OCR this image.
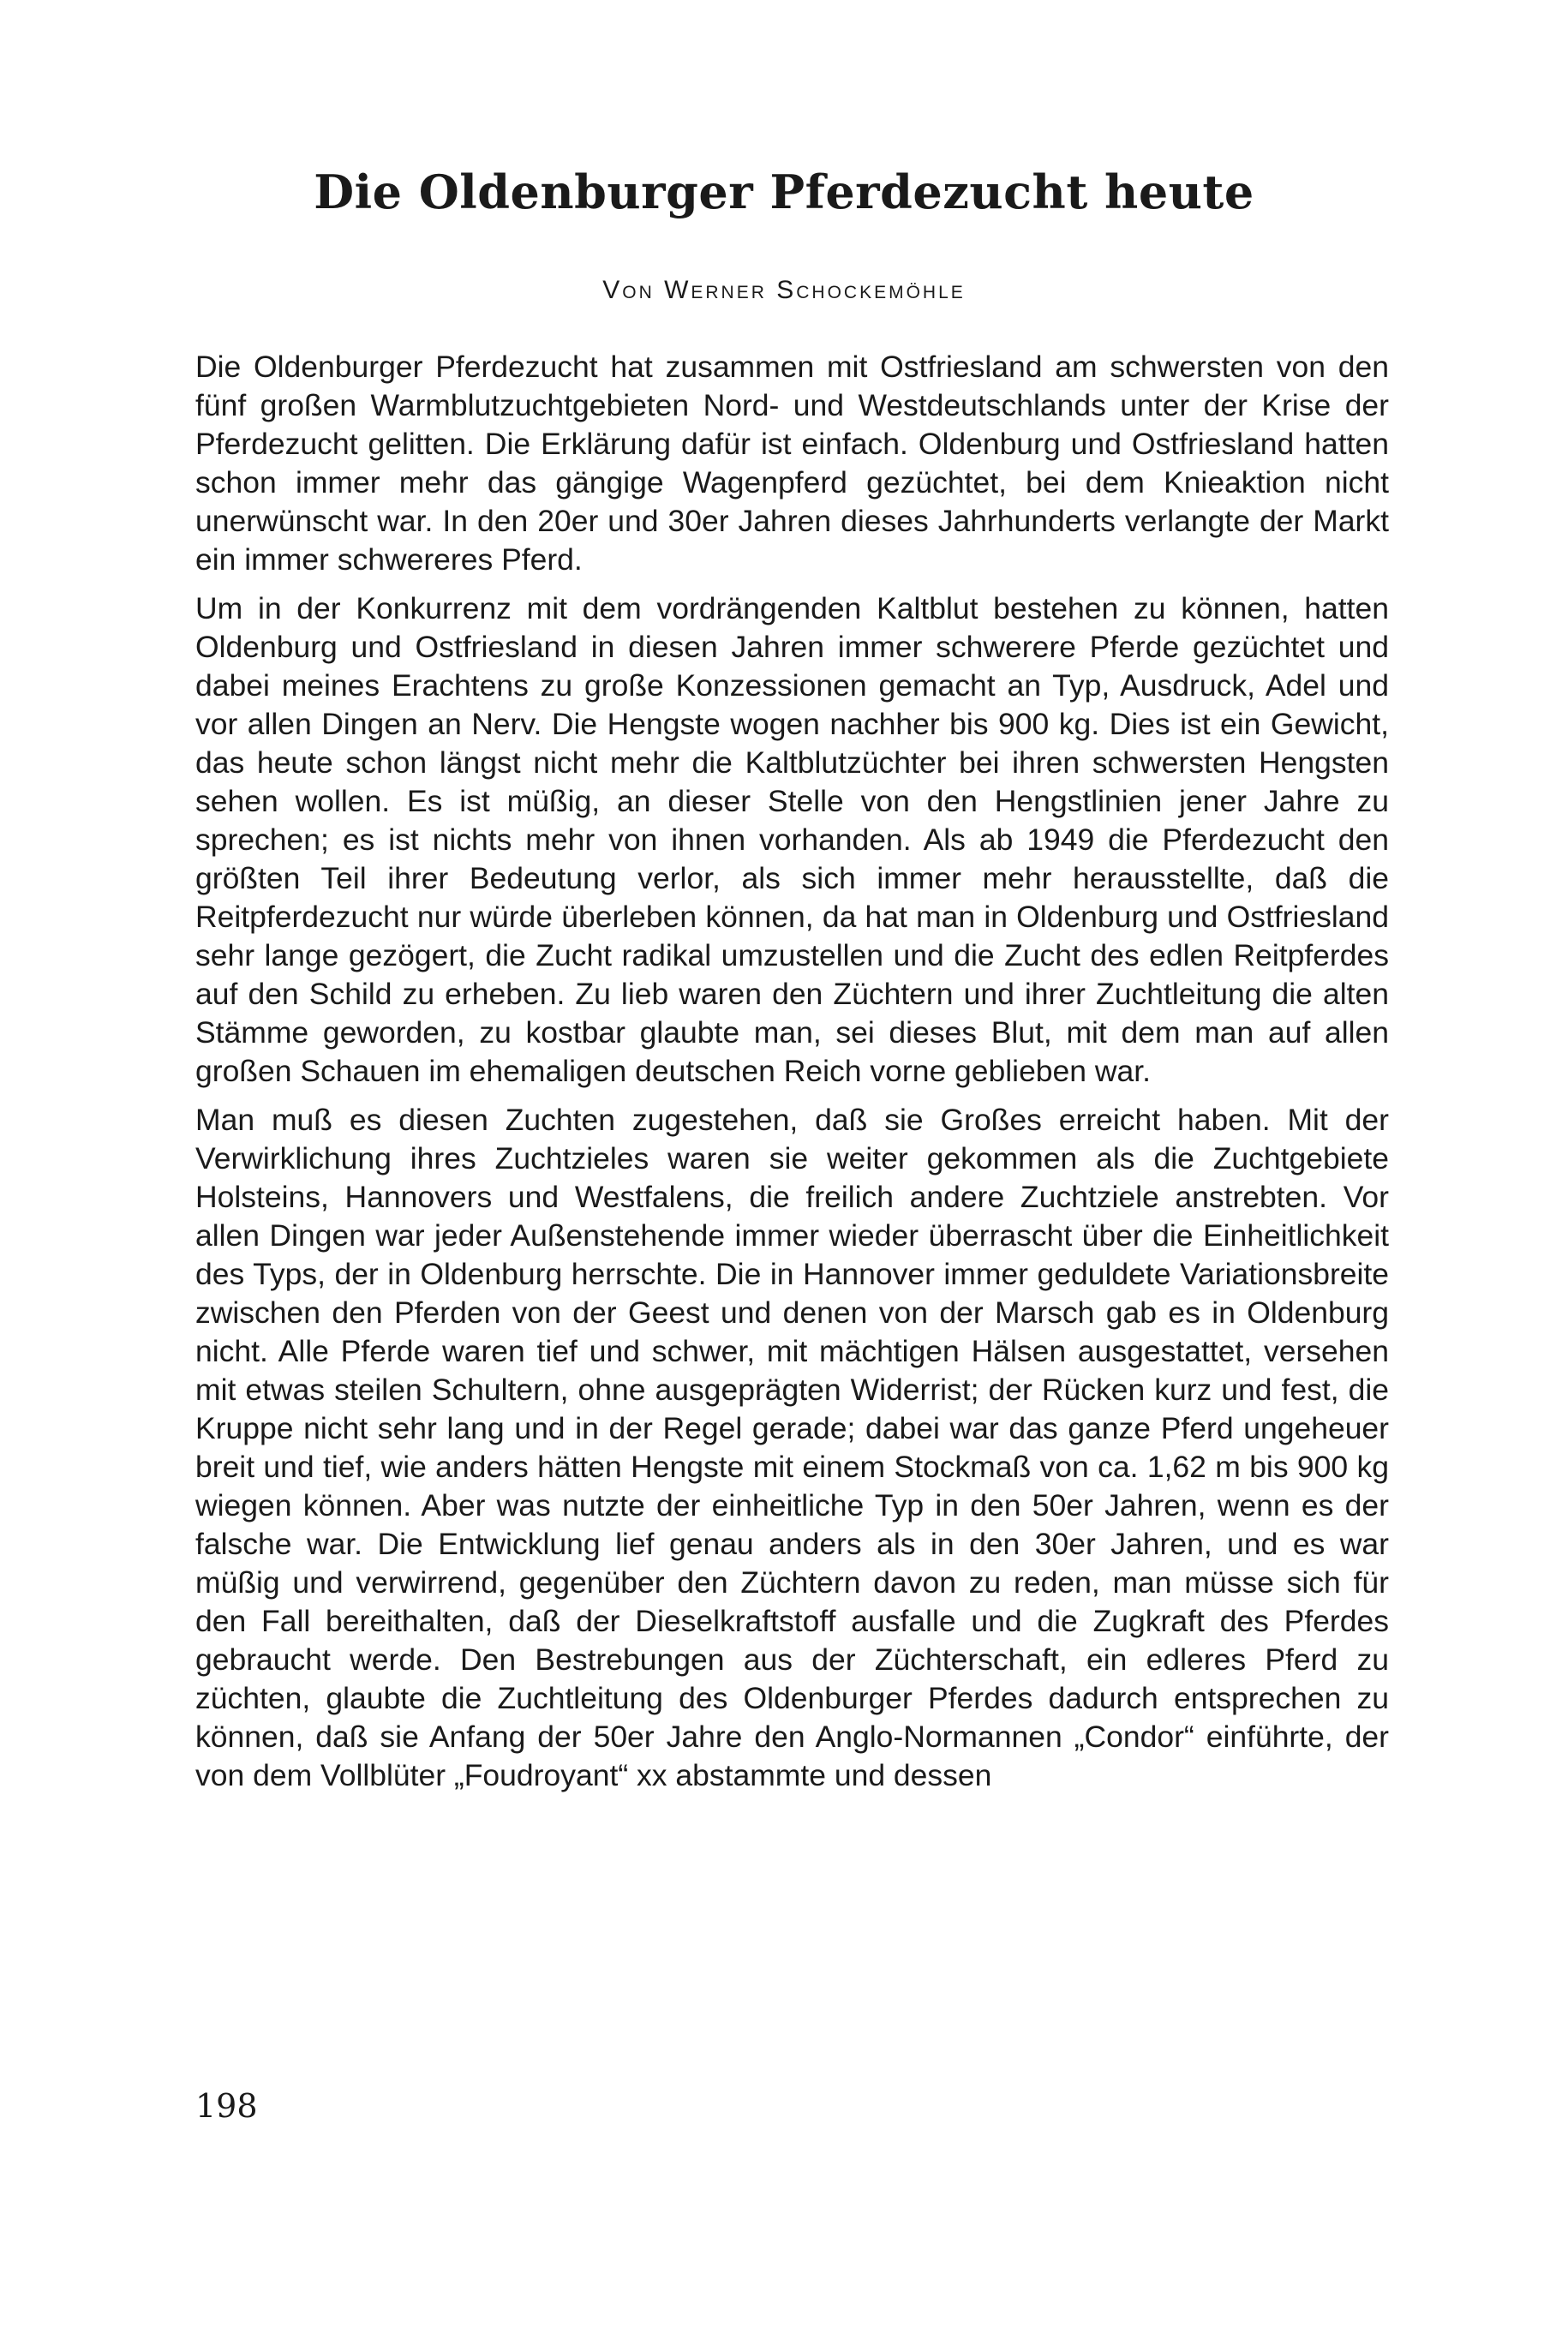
Die Oldenburger Pferdezucht heute
Von Werner Schockemöhle

Die Oldenburger Pferdezucht hat zusammen mit Ostfriesland am schwersten von den fünf großen Warmblutzuchtgebieten Nord- und Westdeutschlands unter der Krise der Pferdezucht gelitten. Die Erklärung dafür ist einfach. Oldenburg und Ostfriesland hatten schon immer mehr das gängige Wagenpferd gezüchtet, bei dem Knieaktion nicht unerwünscht war. In den 20er und 30er Jahren dieses Jahrhunderts verlangte der Markt ein immer schwereres Pferd.

Um in der Konkurrenz mit dem vordrängenden Kaltblut bestehen zu können, hatten Oldenburg und Ostfriesland in diesen Jahren immer schwerere Pferde gezüchtet und dabei meines Erachtens zu große Konzessionen gemacht an Typ, Ausdruck, Adel und vor allen Dingen an Nerv. Die Hengste wogen nachher bis 900 kg. Dies ist ein Gewicht, das heute schon längst nicht mehr die Kaltblutzüchter bei ihren schwersten Hengsten sehen wollen. Es ist müßig, an dieser Stelle von den Hengstlinien jener Jahre zu sprechen; es ist nichts mehr von ihnen vorhanden. Als ab 1949 die Pferdezucht den größten Teil ihrer Bedeutung verlor, als sich immer mehr herausstellte, daß die Reitpferdezucht nur würde überleben können, da hat man in Oldenburg und Ostfriesland sehr lange gezögert, die Zucht radikal umzustellen und die Zucht des edlen Reitpferdes auf den Schild zu erheben. Zu lieb waren den Züchtern und ihrer Zuchtleitung die alten Stämme geworden, zu kostbar glaubte man, sei dieses Blut, mit dem man auf allen großen Schauen im ehemaligen deutschen Reich vorne geblieben war.

Man muß es diesen Zuchten zugestehen, daß sie Großes erreicht haben. Mit der Verwirklichung ihres Zuchtzieles waren sie weiter gekommen als die Zuchtgebiete Holsteins, Hannovers und Westfalens, die freilich andere Zuchtziele anstrebten. Vor allen Dingen war jeder Außenstehende immer wieder überrascht über die Einheitlichkeit des Typs, der in Oldenburg herrschte. Die in Hannover immer geduldete Variationsbreite zwischen den Pferden von der Geest und denen von der Marsch gab es in Oldenburg nicht. Alle Pferde waren tief und schwer, mit mächtigen Hälsen ausgestattet, versehen mit etwas steilen Schultern, ohne ausgeprägten Widerrist; der Rücken kurz und fest, die Kruppe nicht sehr lang und in der Regel gerade; dabei war das ganze Pferd ungeheuer breit und tief, wie anders hätten Hengste mit einem Stockmaß von ca. 1,62 m bis 900 kg wiegen können. Aber was nutzte der einheitliche Typ in den 50er Jahren, wenn es der falsche war. Die Entwicklung lief genau anders als in den 30er Jahren, und es war müßig und verwirrend, gegenüber den Züchtern davon zu reden, man müsse sich für den Fall bereithalten, daß der Dieselkraftstoff ausfalle und die Zugkraft des Pferdes gebraucht werde. Den Bestrebungen aus der Züchterschaft, ein edleres Pferd zu züchten, glaubte die Zuchtleitung des Oldenburger Pferdes dadurch entsprechen zu können, daß sie Anfang der 50er Jahre den Anglo-Normannen „Condor“ einführte, der von dem Vollblüter „Foudroyant“ xx abstammte und dessen

198
